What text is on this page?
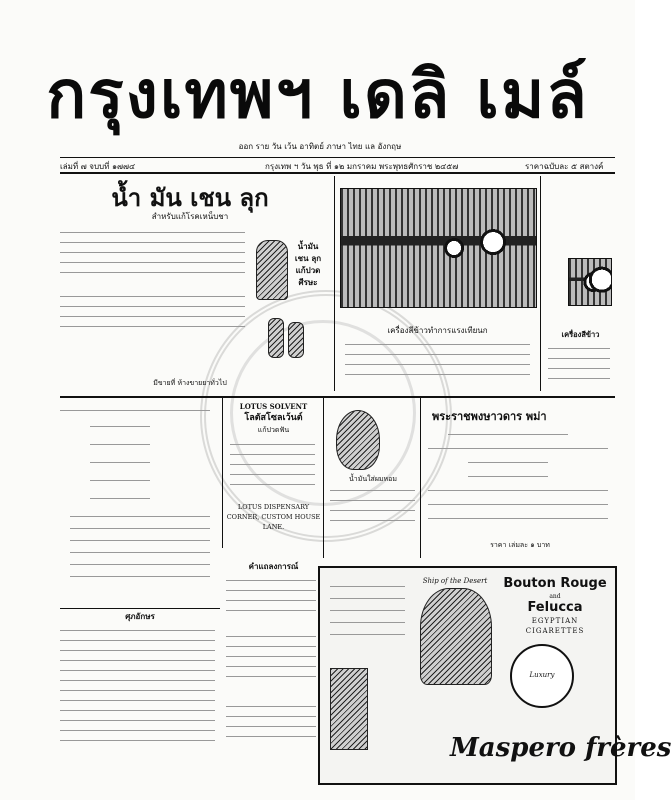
กรุงเทพฯ เดลิ เมล์
ออก ราย วัน เว้น อาทิตย์ ภาษา ไทย แล อังกฤษ
เล่มที่ ๗ จบบที่ ๑๗๗๔	กรุงเทพ ฯ วัน พุธ ที่ ๑๒ มกราคม พระพุทธศักราช ๒๔๕๗	ราคาฉบับละ ๕ สตางค์
น้ำ มัน เชน ลุก
สำหรับแก้โรคเหน็บชา
น้ำมัน
เชน ลุก
แก้ปวด
ศีรษะ
มีขายที่ ห้างขายยาทั่วไป
เครื่องสีข้าวทำการแรงเทียนก	เครื่องสีข้าว
LOTUS SOLVENT
โลตัสโซลเว้นต์
แก้ปวดฟัน
LOTUS DISPENSARY
CORNER, CUSTOM HOUSE
LANE.
น้ำมันใส่ผมหอม
พระราชพงษาวดาร พม่า
ราคา เล่มละ ๑ บาท
คำแถลงการณ์
ศุภอักษร
Ship of the Desert	Bouton Rouge
and
Felucca
EGYPTIAN
CIGARETTES
Luxury
Maspero frères
